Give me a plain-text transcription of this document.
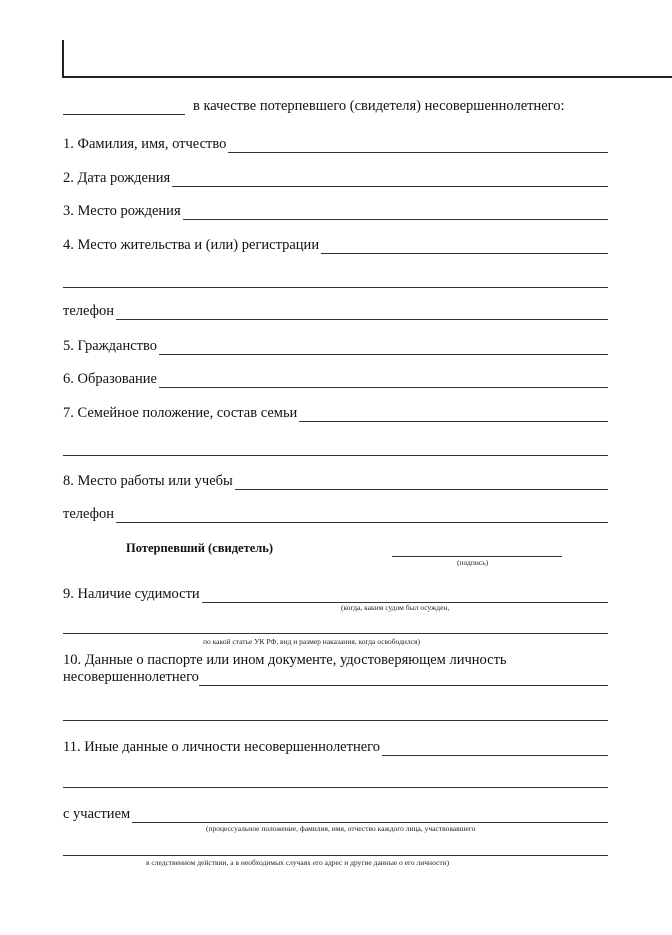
в качестве потерпевшего (свидетеля) несовершеннолетнего:
1. Фамилия, имя, отчество
2. Дата рождения
3. Место рождения
4. Место жительства и (или) регистрации
телефон
5. Гражданство
6. Образование
7. Семейное положение, состав семьи
8. Место работы или учебы
телефон
Потерпевший (свидетель)
(подпись)
9. Наличие судимости
(когда, каким судом был осужден,
по какой статье УК РФ, вид и размер наказания, когда освободился)
10. Данные о паспорте или ином документе, удостоверяющем личность
несовершеннолетнего
11. Иные данные о личности несовершеннолетнего
с участием
(процессуальное положение, фамилия, имя, отчество каждого лица, участвовавшего
в следственном действии, а в необходимых случаях его адрес и другие данные о его личности)
